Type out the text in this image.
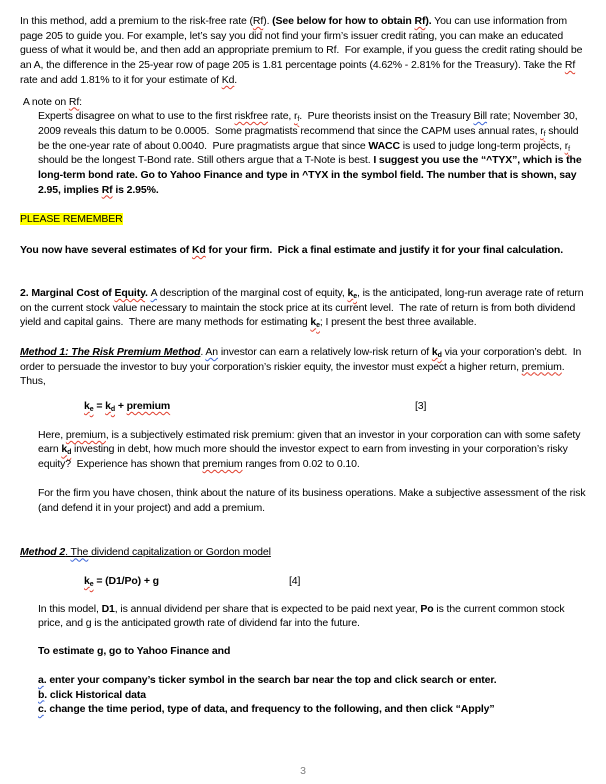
In this method, add a premium to the risk-free rate (Rf). (See below for how to obtain Rf). You can use information from page 205 to guide you. For example, let’s say you did not find your firm’s issuer credit rating, you can make an educated guess of what it would be, and then add an appropriate premium to Rf.  For example, if you guess the credit rating should be an A, the difference in the 25-year row of page 205 is 1.81 percentage points (4.62% - 2.81% for the Treasury). Take the Rf rate and add 1.81% to it for your estimate of Kd.
A note on Rf:
Experts disagree on what to use to the first riskfree rate, $r_f$.  Pure theorists insist on the Treasury Bill rate; November 30, 2009 reveals this datum to be 0.0005.  Some pragmatists recommend that since the CAPM uses annual rates, $r_f$ should be the one-year rate of about 0.0040.  Pure pragmatists argue that since WACC is used to judge long-term projects, $r_f$ should be the longest T-Bond rate. Still others argue that a T-Note is best. I suggest you use the “^TYX”, which is the long-term bond rate. Go to Yahoo Finance and type in ^TYX in the symbol field. The number that is shown, say 2.95, implies Rf is 2.95%.
PLEASE REMEMBER
You now have several estimates of Kd for your firm.  Pick a final estimate and justify it for your final calculation.
2. Marginal Cost of Equity. A description of the marginal cost of equity, $k_e$, is the anticipated, long-run average rate of return on the current stock value necessary to maintain the stock price at its current level.  The rate of return is from both dividend yield and capital gains.  There are many methods for estimating $k_e$; I present the best three available.
Method 1: The Risk Premium Method. An investor can earn a relatively low-risk return of $k_d$ via your corporation’s debt.  In order to persuade the investor to buy your corporation’s riskier equity, the investor must expect a higher return, premium.  Thus,
$k_e = k_d$ + premium	[3]
Here, premium, is a subjectively estimated risk premium: given that an investor in your corporation can with some safety earn $k_d$ investing in debt, how much more should the investor expect to earn from investing in your corporation’s risky equity?  Experience has shown that premium ranges from 0.02 to 0.10.
For the firm you have chosen, think about the nature of its business operations. Make a subjective assessment of the risk (and defend it in your project) and add a premium.
Method 2. The dividend capitalization or Gordon model
$k_e = (D1/Po) + g$	[4]
In this model, D1, is annual dividend per share that is expected to be paid next year, Po is the current common stock price, and g is the anticipated growth rate of dividend far into the future.
To estimate g, go to Yahoo Finance and
a. enter your company’s ticker symbol in the search bar near the top and click search or enter.
b. click Historical data
c. change the time period, type of data, and frequency to the following, and then click “Apply”
3
